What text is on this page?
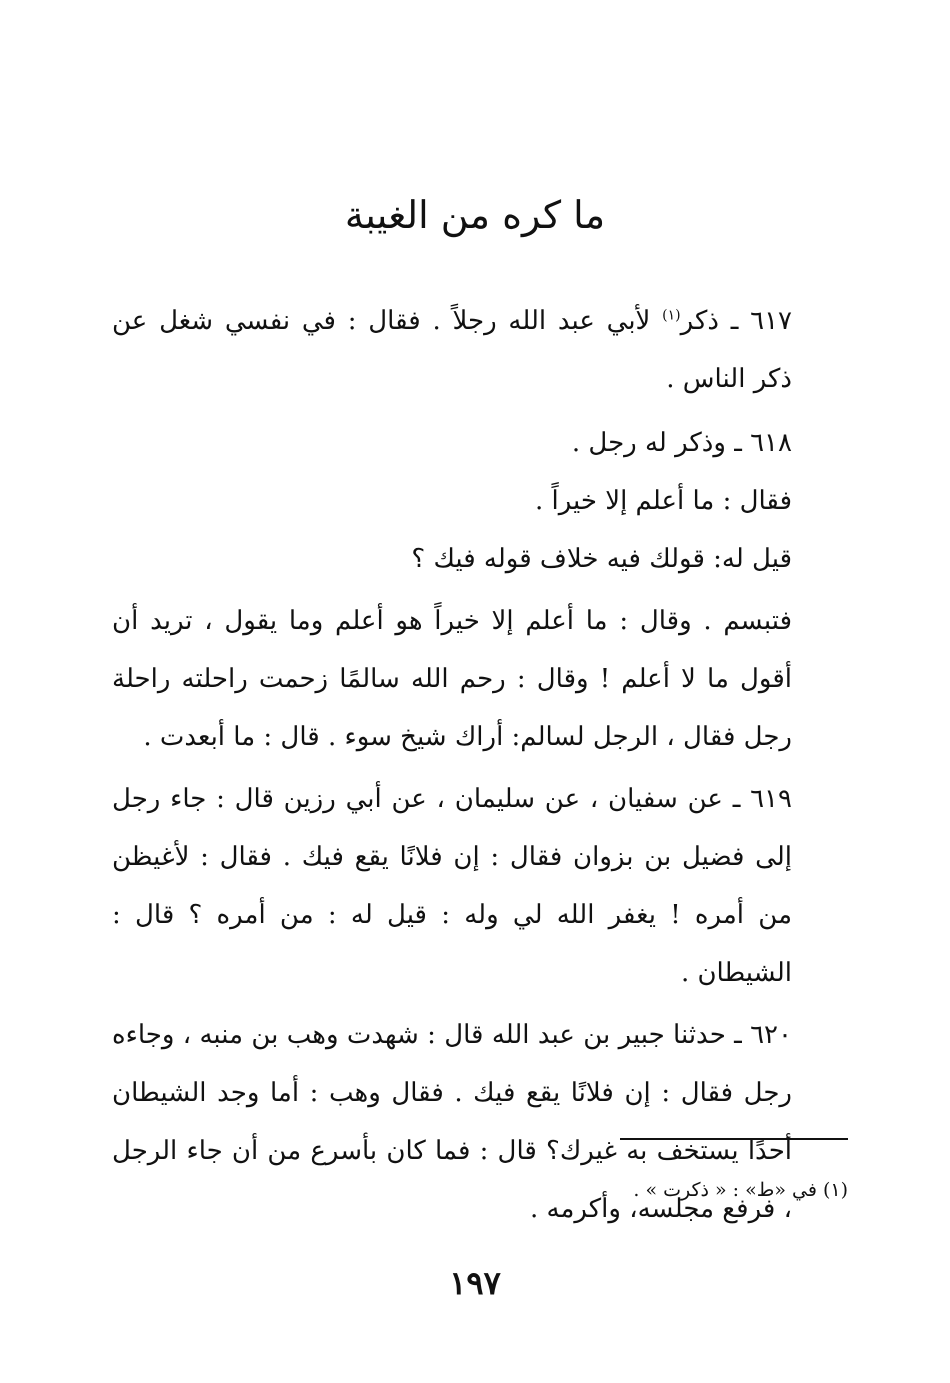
ما كره من الغيبة

٦١٧ ـ ذكر$^{(١)}$ لأبي عبد الله رجلاً . فقال : في نفسي شغل عن ذكر الناس .

٦١٨ ـ وذكر له رجل .

فقال : ما أعلم إلا خيراً .

قيل له: قولك فيه خلاف قوله فيك ؟

فتبسم . وقال : ما أعلم إلا خيراً هو أعلم وما يقول ، تريد أن أقول ما لا أعلم ! وقال : رحم الله سالمًا زحمت راحلته راحلة رجل فقال ، الرجل لسالم: أراك شيخ سوء . قال : ما أبعدت .

٦١٩ ـ عن سفيان ، عن سليمان ، عن أبي رزين قال : جاء رجل إلى فضيل بن بزوان فقال : إن فلانًا يقع فيك . فقال : لأغيظن من أمره ! يغفر الله لي وله : قيل له : من أمره ؟ قال : الشيطان .

٦٢٠ ـ حدثنا جبير بن عبد الله قال : شهدت وهب بن منبه ، وجاءه رجل فقال : إن فلانًا يقع فيك . فقال وهب : أما وجد الشيطان أحدًا يستخف به غيرك؟ قال : فما كان بأسرع من أن جاء الرجل ، فرفع مجلسه، وأكرمه .

(١) في «ط» : « ذكرت » .
١٩٧
